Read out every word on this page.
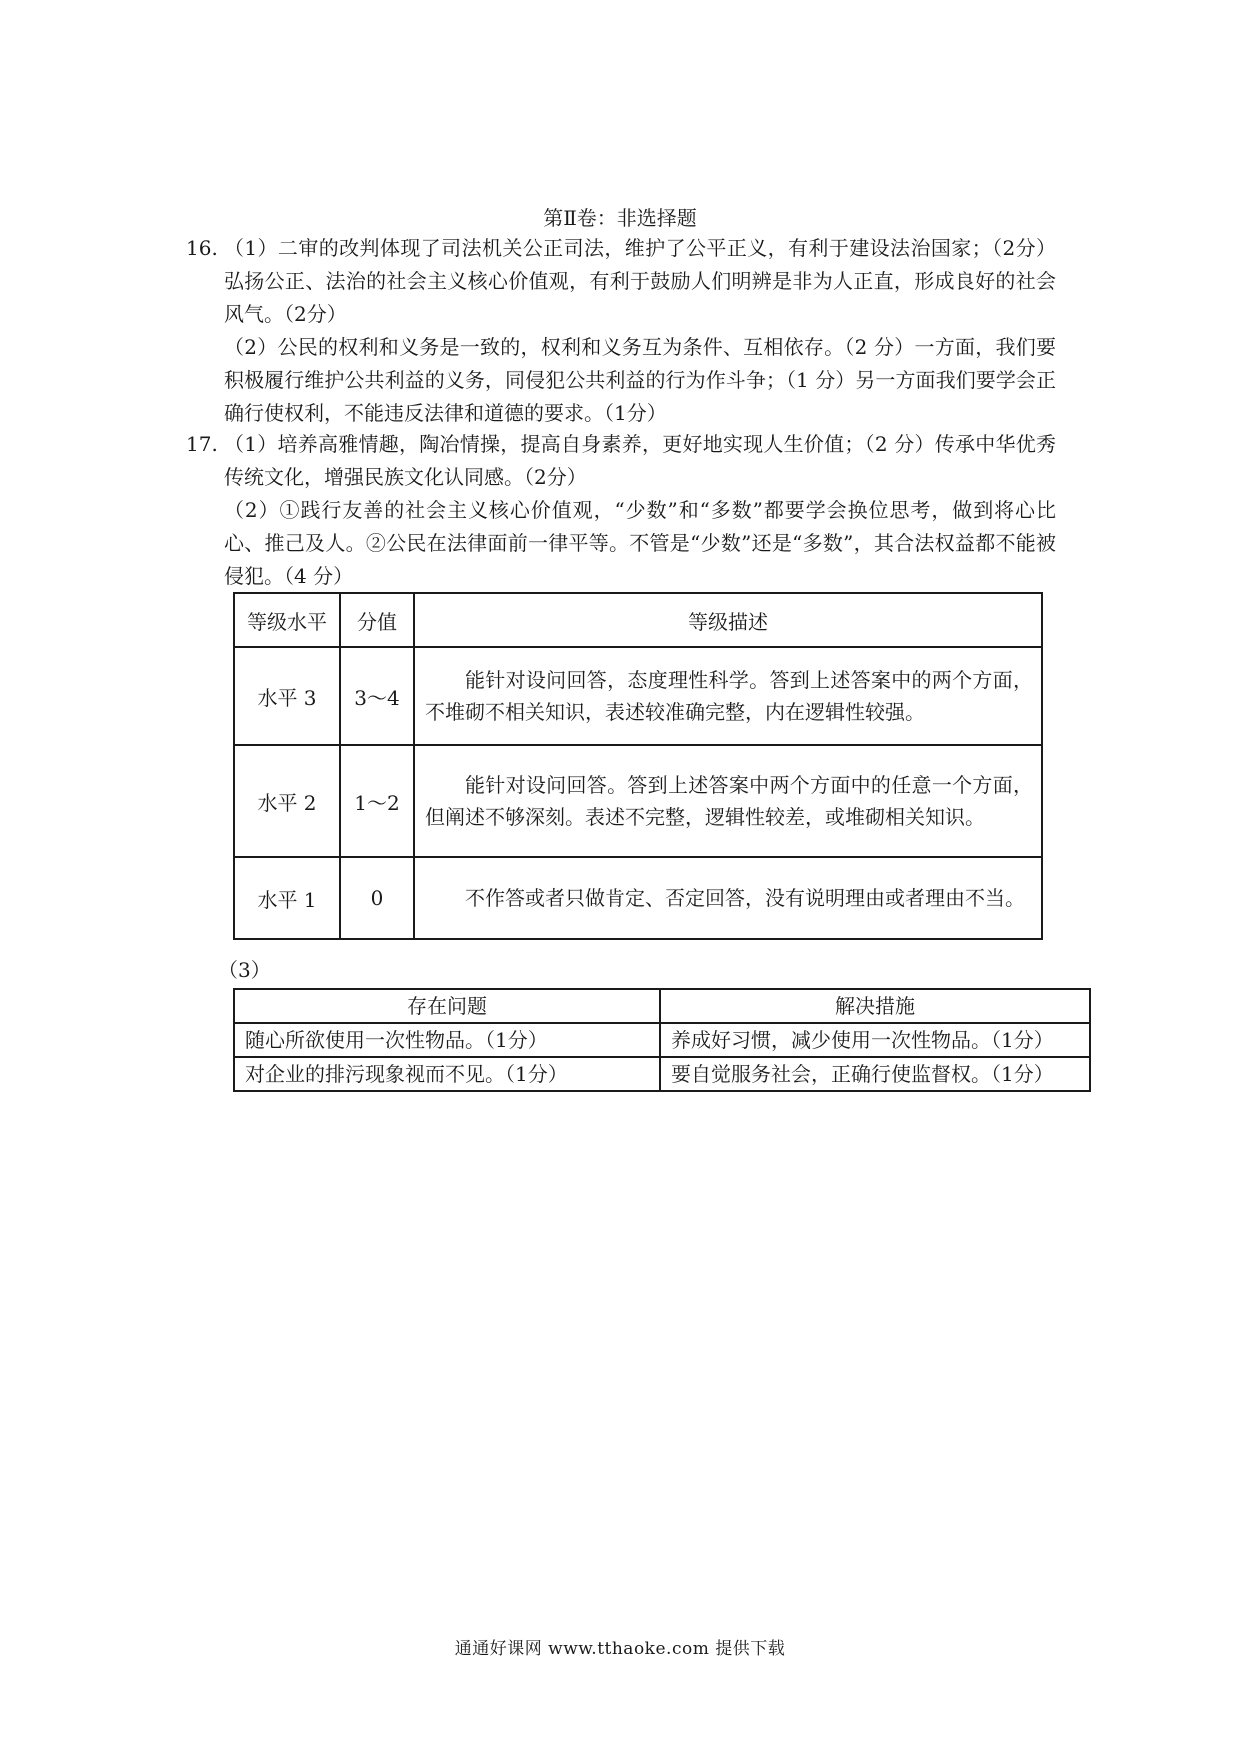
第Ⅱ卷：非选择题
16. （1）二审的改判体现了司法机关公正司法，维护了公平正义，有利于建设法治国家；（2分）弘扬公正、法治的社会主义核心价值观，有利于鼓励人们明辨是非为人正直，形成良好的社会风气。（2分）
（2）公民的权利和义务是一致的，权利和义务互为条件、互相依存。（2 分）一方面，我们要积极履行维护公共利益的义务，同侵犯公共利益的行为作斗争；（1 分）另一方面我们要学会正确行使权利，不能违反法律和道德的要求。（1分）
17. （1）培养高雅情趣，陶冶情操，提高自身素养，更好地实现人生价值；（2 分）传承中华优秀传统文化，增强民族文化认同感。（2分）
（2）①践行友善的社会主义核心价值观，“少数”和“多数”都要学会换位思考，做到将心比心、推己及人。②公民在法律面前一律平等。不管是“少数”还是“多数”，其合法权益都不能被侵犯。（4 分）
等级水平	分值	等级描述
水平 3	3～4	能针对设问回答，态度理性科学。答到上述答案中的两个方面，不堆砌不相关知识，表述较准确完整，内在逻辑性较强。
水平 2	1～2	能针对设问回答。答到上述答案中两个方面中的任意一个方面，但阐述不够深刻。表述不完整，逻辑性较差，或堆砌相关知识。
水平 1	0	不作答或者只做肯定、否定回答，没有说明理由或者理由不当。
（3）
存在问题	解决措施
随心所欲使用一次性物品。（1分）	养成好习惯，减少使用一次性物品。（1分）
对企业的排污现象视而不见。（1分）	要自觉服务社会，正确行使监督权。（1分）
通通好课网 www.tthaoke.com 提供下载
